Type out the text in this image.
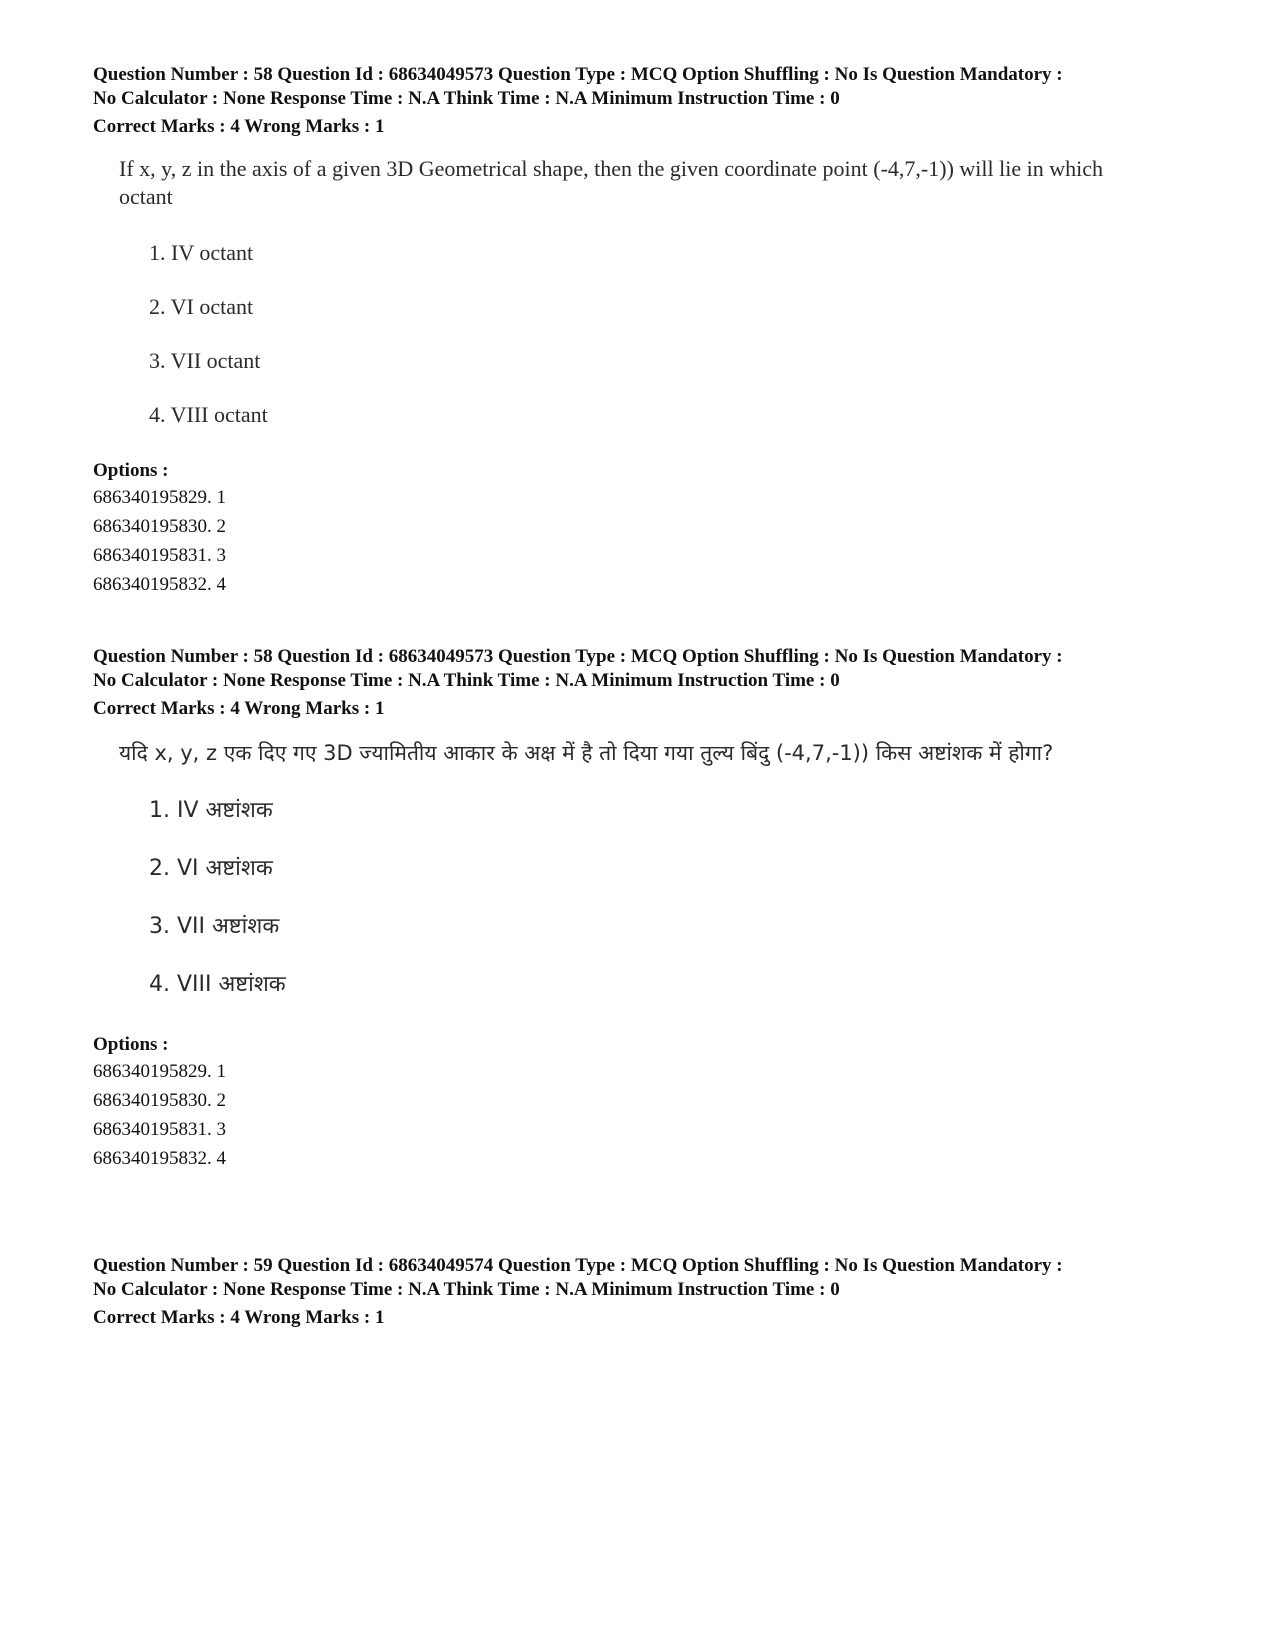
Question Number : 58 Question Id : 68634049573 Question Type : MCQ Option Shuffling : No Is Question Mandatory :

No Calculator : None Response Time : N.A Think Time : N.A Minimum Instruction Time : 0

Correct Marks : 4 Wrong Marks : 1
If x, y, z in the axis of a given 3D Geometrical shape, then the given coordinate point (-4,7,-1)) will lie in which octant
1. IV octant
2. VI octant
3. VII octant
4. VIII octant
Options :
686340195829. 1
686340195830. 2
686340195831. 3
686340195832. 4

Question Number : 58 Question Id : 68634049573 Question Type : MCQ Option Shuffling : No Is Question Mandatory :

No Calculator : None Response Time : N.A Think Time : N.A Minimum Instruction Time : 0

Correct Marks : 4 Wrong Marks : 1
यदि x, y, z एक दिए गए 3D ज्यामितीय आकार के अक्ष में है तो दिया गया तुल्य बिंदु (-4,7,-1)) किस अष्टांशक में होगा?
1. IV अष्टांशक
2. VI अष्टांशक
3. VII अष्टांशक
4. VIII अष्टांशक
Options :
686340195829. 1
686340195830. 2
686340195831. 3
686340195832. 4

Question Number : 59 Question Id : 68634049574 Question Type : MCQ Option Shuffling : No Is Question Mandatory :

No Calculator : None Response Time : N.A Think Time : N.A Minimum Instruction Time : 0

Correct Marks : 4 Wrong Marks : 1
